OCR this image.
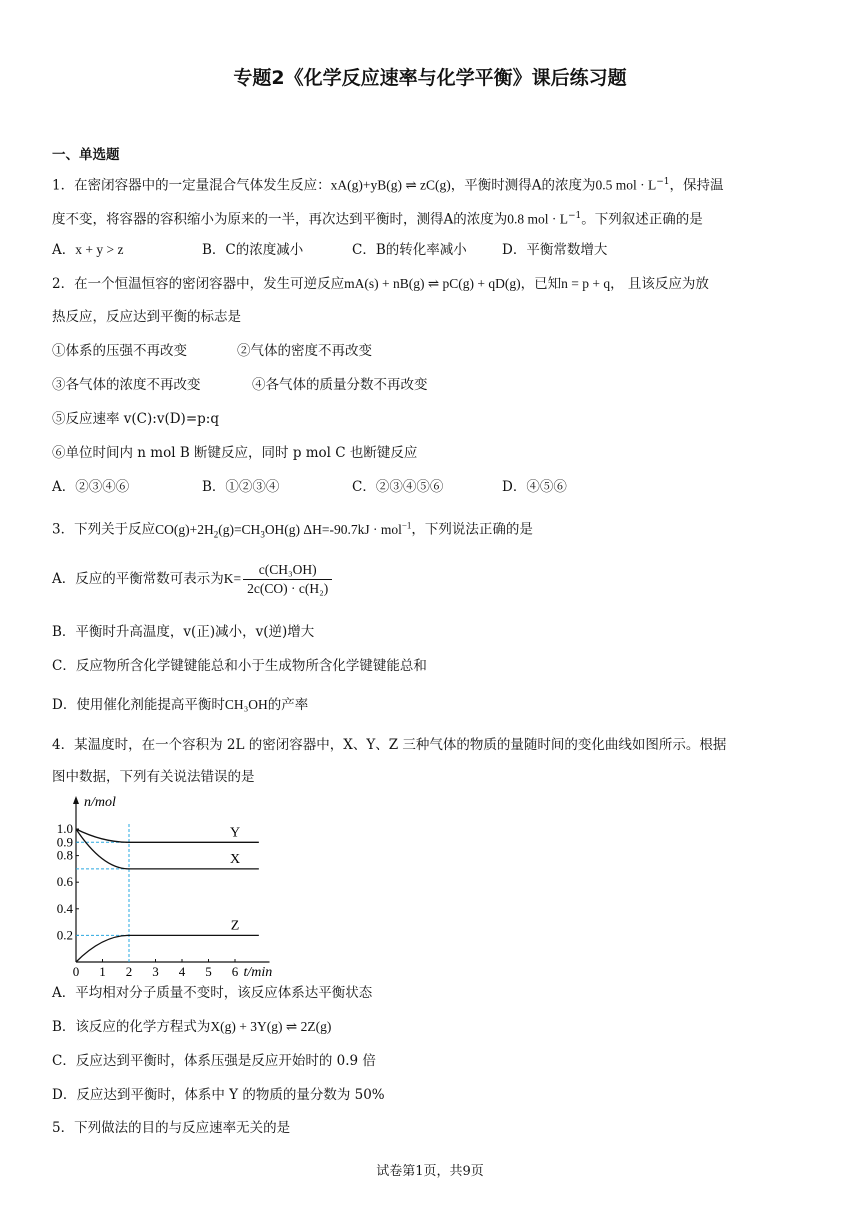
专题2《化学反应速率与化学平衡》课后练习题
一、单选题
1．在密闭容器中的一定量混合气体发生反应：xA(g)+yB(g) ⇌ zC(g)，平衡时测得A的浓度为0.5 mol · $L^{-1}$，保持温
度不变，将容器的容积缩小为原来的一半，再次达到平衡时，测得A的浓度为0.8 mol · $L^{-1}$。下列叙述正确的是
A．x + y > z	B．C的浓度减小	C．B的转化率减小	D．平衡常数增大
2．在一个恒温恒容的密闭容器中，发生可逆反应mA(s) + nB(g) ⇌ pC(g) + qD(g)，已知n = p + q， 且该反应为放
热反应，反应达到平衡的标志是
①体系的压强不再改变	②气体的密度不再改变
③各气体的浓度不再改变	④各气体的质量分数不再改变
⑤反应速率 v(C):v(D)=p:q
⑥单位时间内 n mol B 断键反应，同时 p mol C 也断键反应
A．②③④⑥	B．①②③④	C．②③④⑤⑥	D．④⑤⑥
3．下列关于反应$CO(g)+2H_2(g)=CH_3OH(g) \Delta H=-90.7kJ \cdot mol^{-1}$，下列说法正确的是
A．反应的平衡常数可表示为$K= \frac{\text{c(CH₃OH)}}{\text{2c(CO) · c(H₂)}}$
B．平衡时升高温度，v(正)减小，v(逆)增大
C．反应物所含化学键键能总和小于生成物所含化学键键能总和
D．使用催化剂能提高平衡时CH₃OH的产率
4．某温度时，在一个容积为 2L 的密闭容器中，X、Y、Z 三种气体的物质的量随时间的变化曲线如图所示。根据
图中数据，下列有关说法错误的是
n/mol
t/min
0 1 2 3 4 5 6
0.2
0.4
0.6
0.8
0.9
1.0	Y
X
Z
A．平均相对分子质量不变时，该反应体系达平衡状态
B．该反应的化学方程式为X(g) + 3Y(g) ⇌ 2Z(g)
C．反应达到平衡时，体系压强是反应开始时的 0.9 倍
D．反应达到平衡时，体系中 Y 的物质的量分数为 50%
5．下列做法的目的与反应速率无关的是
试卷第1页，共9页
